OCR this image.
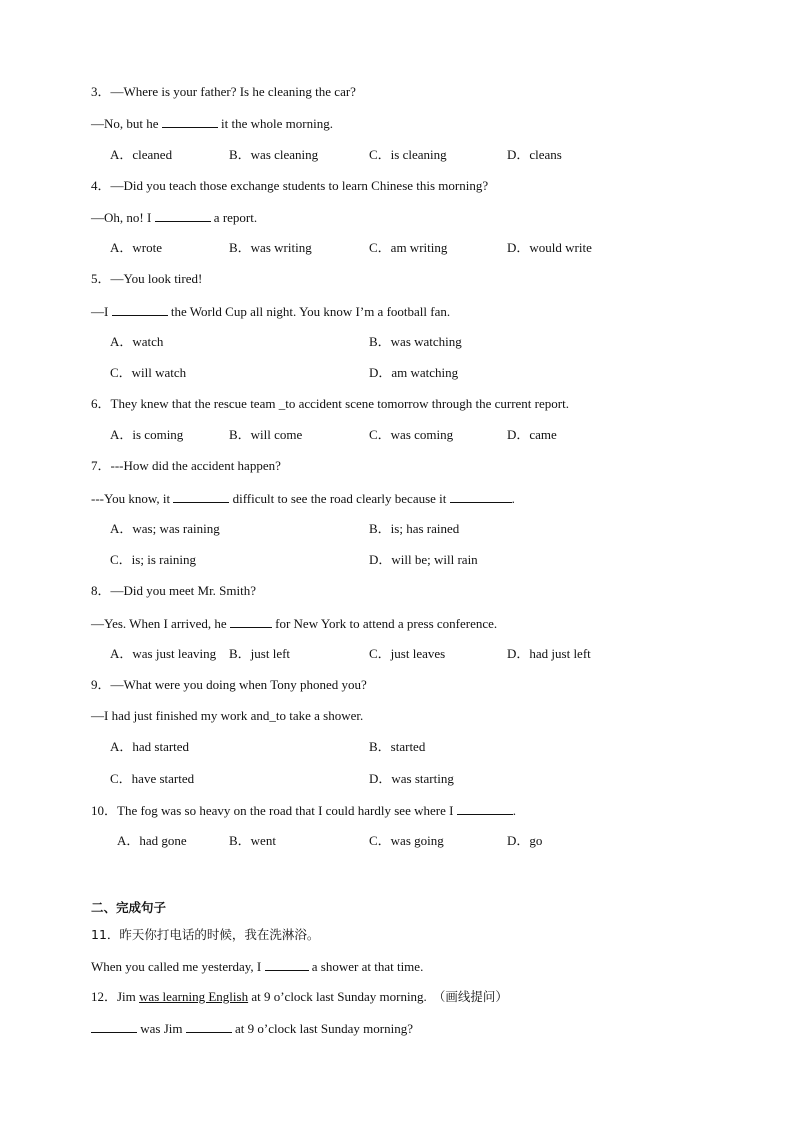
3．—Where is your father? Is he cleaning the car?
—No, but he	it the whole morning.
A．cleaned	B．was cleaning	C．is cleaning	D．cleans
4．—Did you teach those exchange students to learn Chinese this morning?
—Oh, no! I	a report.
A．wrote	B．was writing	C．am writing	D．would write
5．—You look tired!
—I	the World Cup all night. You know I’m a football fan.
A．watch	B．was watching
C．will watch	D．am watching
6．They knew that the rescue team _to accident scene tomorrow through the current report.
A．is coming	B．will come	C．was coming	D．came
7．---How did the accident happen?
---You know, it	difficult to see the road clearly because it	.
A．was; was raining	B．is; has rained
C．is; is raining	D．will be; will rain
8．—Did you meet Mr. Smith?
—Yes. When I arrived, he	for New York to attend a press conference.
A．was just leaving B．just left	C．just leaves	D．had just left
9．—What were you doing when Tony phoned you?
—I had just finished my work and_to take a shower.
A．had started	B．started
C．have started	D．was starting
10．The fog was so heavy on the road that I could hardly see where I	.
A．had gone	B．went	C．was going	D．go
二、完成句子
11．昨天你打电话的时候，我在洗淋浴。
When you called me yesterday, I	a shower at that time.
12．Jim was learning English at 9 o’clock last Sunday morning. （画线提问）
was Jim	at 9 o’clock last Sunday morning?
